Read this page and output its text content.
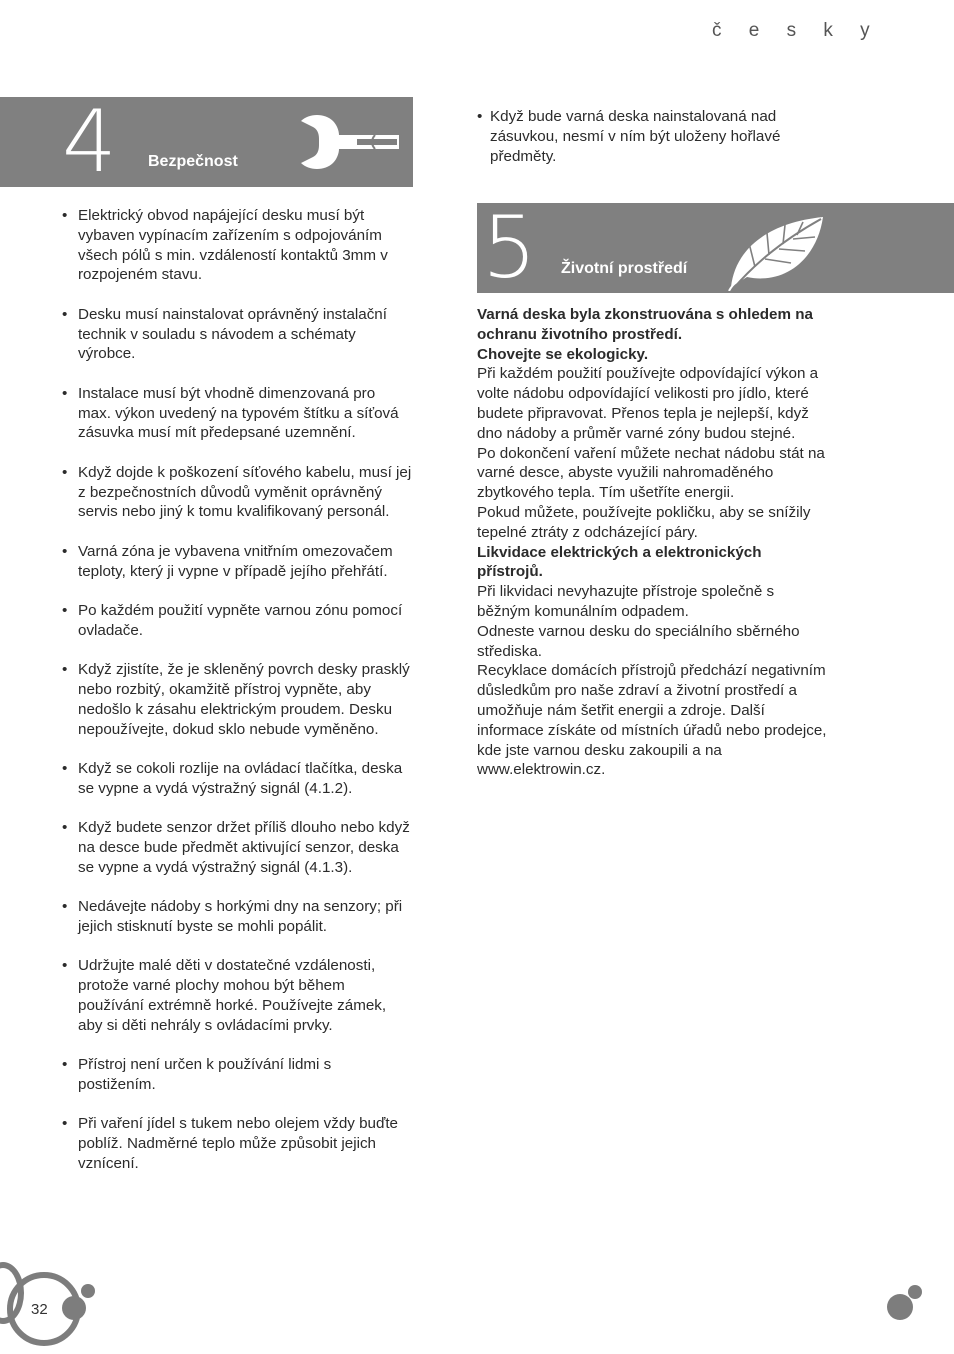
č e s k y
4 Bezpečnost
• Elektrický obvod napájející desku musí být vybaven vypínacím zařízením s odpojováním všech pólů s min. vzdáleností kontaktů 3mm v rozpojeném stavu.
• Desku musí nainstalovat oprávněný instalační technik v souladu s návodem a schématy výrobce.
• Instalace musí být vhodně dimenzovaná pro max. výkon uvedený na typovém štítku a síťová zásuvka musí mít předepsané uzemnění.
• Když dojde k poškození síťového kabelu, musí jej z bezpečnostních důvodů vyměnit oprávněný servis nebo jiný k tomu kvalifikovaný personál.
• Varná zóna je vybavena vnitřním omezovačem teploty, který ji vypne v případě jejího přehřátí.
• Po každém použití vypněte varnou zónu pomocí ovladače.
• Když zjistíte, že je skleněný povrch desky prasklý nebo rozbitý, okamžitě přístroj vypněte, aby nedošlo k zásahu elektrickým proudem. Desku nepoužívejte, dokud sklo nebude vyměněno.
• Když se cokoli rozlije na ovládací tlačítka, deska se vypne a vydá výstražný signál (4.1.2).
• Když budete senzor držet příliš dlouho nebo když na desce bude předmět aktivující senzor, deska se vypne a vydá výstražný signál (4.1.3).
• Nedávejte nádoby s horkými dny na senzory; při jejich stisknutí byste se mohli popálit.
• Udržujte malé děti v dostatečné vzdálenosti, protože varné plochy mohou být během používání extrémně horké. Používejte zámek, aby si děti nehrály s ovládacími prvky.
• Přístroj není určen k používání lidmi s postižením.
• Při vaření jídel s tukem nebo olejem vždy buďte poblíž. Nadměrné teplo může způsobit jejich vznícení.
• Když bude varná deska nainstalovaná nad zásuvkou, nesmí v ním být uloženy hořlavé předměty.
5 Životní prostředí

Varná deska byla zkonstruována s ohledem na ochranu životního prostředí.

Chovejte se ekologicky.

Při každém použití používejte odpovídající výkon a volte nádobu odpovídající velikosti pro jídlo, které budete připravovat. Přenos tepla je nejlepší, když dno nádoby a průměr varné zóny budou stejné.

Po dokončení vaření můžete nechat nádobu stát na varné desce, abyste využili nahromaděného zbytkového tepla. Tím ušetříte energii.

Pokud můžete, používejte pokličku, aby se snížily tepelné ztráty z odcházející páry.

Likvidace elektrických a elektronických přístrojů.

Při likvidaci nevyhazujte přístroje společně s běžným komunálním odpadem.

Odneste varnou desku do speciálního sběrného střediska.

Recyklace domácích přístrojů předchází negativním důsledkům pro naše zdraví a životní prostředí a umožňuje nám šetřit energii a zdroje. Další informace získáte od místních úřadů nebo prodejce, kde jste varnou desku zakoupili a na www.elektrowin.cz.

32
